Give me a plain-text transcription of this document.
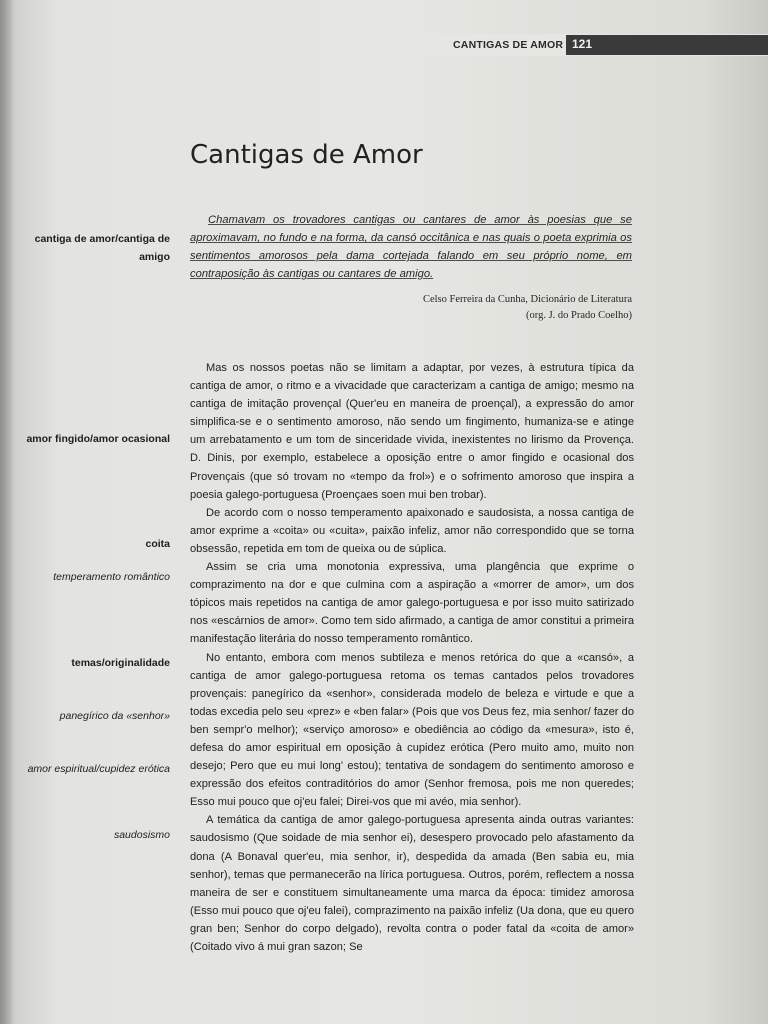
CANTIGAS DE AMOR 121
Cantigas de Amor

Chamavam os trovadores cantigas ou cantares de amor às poesias que se aproximavam, no fundo e na forma, da cansó occitânica e nas quais o poeta exprimia os sentimentos amorosos pela dama cortejada falando em seu próprio nome, em contraposição às cantigas ou cantares de amigo.

Celso Ferreira da Cunha, Dicionário de Literatura
(org. J. do Prado Coelho)
cantiga de amor/cantiga de amigo
amor fingido/amor ocasional
coita
temperamento romântico
temas/originalidade
panegírico da «senhor»
amor espiritual/cupidez erótica
saudosismo

Mas os nossos poetas não se limitam a adaptar, por vezes, à estrutura típica da cantiga de amor, o ritmo e a vivacidade que caracterizam a cantiga de amigo; mesmo na cantiga de imitação provençal (Quer'eu en maneira de proençal), a expressão do amor simplifica-se e o sentimento amoroso, não sendo um fingimento, humaniza-se e atinge um arrebatamento e um tom de sinceridade vivida, inexistentes no lirismo da Provença. D. Dinis, por exemplo, estabelece a oposição entre o amor fingido e ocasional dos Provençais (que só trovam no «tempo da frol») e o sofrimento amoroso que inspira a poesia galego-portuguesa (Proençaes soen mui ben trobar).

De acordo com o nosso temperamento apaixonado e saudosista, a nossa cantiga de amor exprime a «coita» ou «cuita», paixão infeliz, amor não correspondido que se torna obsessão, repetida em tom de queixa ou de súplica.

Assim se cria uma monotonia expressiva, uma plangência que exprime o comprazimento na dor e que culmina com a aspiração a «morrer de amor», um dos tópicos mais repetidos na cantiga de amor galego-portuguesa e por isso muito satirizado nos «escárnios de amor». Como tem sido afirmado, a cantiga de amor constitui a primeira manifestação literária do nosso temperamento romântico.

No entanto, embora com menos subtileza e menos retórica do que a «cansó», a cantiga de amor galego-portuguesa retoma os temas cantados pelos trovadores provençais: panegírico da «senhor», considerada modelo de beleza e virtude e que a todas excedia pelo seu «prez» e «ben falar» (Pois que vos Deus fez, mia senhor/ fazer do ben sempr'o melhor); «serviço amoroso» e obediência ao código da «mesura», isto é, defesa do amor espiritual em oposição à cupidez erótica (Pero muito amo, muito non desejo; Pero que eu mui long' estou); tentativa de sondagem do sentimento amoroso e expressão dos efeitos contraditórios do amor (Senhor fremosa, pois me non queredes; Esso mui pouco que oj'eu falei; Direi-vos que mi avéo, mia senhor).

A temática da cantiga de amor galego-portuguesa apresenta ainda outras variantes: saudosismo (Que soidade de mia senhor ei), desespero provocado pelo afastamento da dona (A Bonaval quer'eu, mia senhor, ir), despedida da amada (Ben sabia eu, mia senhor), temas que permanecerão na lírica portuguesa. Outros, porém, reflectem a nossa maneira de ser e constituem simultaneamente uma marca da época: timidez amorosa (Esso mui pouco que oj'eu falei), comprazimento na paixão infeliz (Ua dona, que eu quero gran ben; Senhor do corpo delgado), revolta contra o poder fatal da «coita de amor» (Coitado vivo á mui gran sazon; Se
